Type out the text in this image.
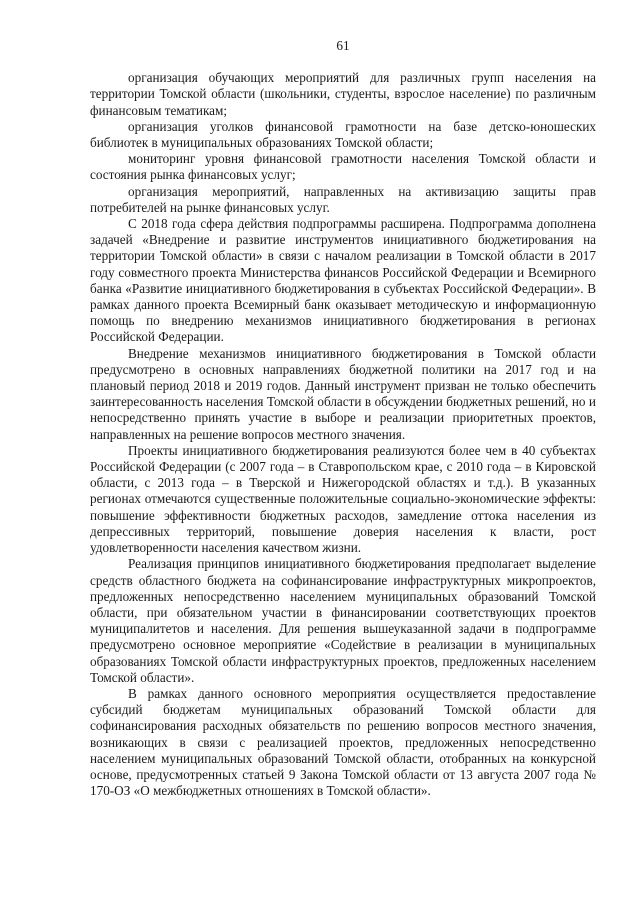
61

организация обучающих мероприятий для различных групп населения на территории Томской области (школьники, студенты, взрослое население) по различным финансовым тематикам;

организация уголков финансовой грамотности на базе детско-юношеских библиотек в муниципальных образованиях Томской области;

мониторинг уровня финансовой грамотности населения Томской области и состояния рынка финансовых услуг;

организация мероприятий, направленных на активизацию защиты прав потребителей на рынке финансовых услуг.

С 2018 года сфера действия подпрограммы расширена. Подпрограмма дополнена задачей «Внедрение и развитие инструментов инициативного бюджетирования на территории Томской области» в связи с началом реализации в Томской области в 2017 году совместного проекта Министерства финансов Российской Федерации и Всемирного банка «Развитие инициативного бюджетирования в субъектах Российской Федерации». В рамках данного проекта Всемирный банк оказывает методическую и информационную помощь по внедрению механизмов инициативного бюджетирования в регионах Российской Федерации.

Внедрение механизмов инициативного бюджетирования в Томской области предусмотрено в основных направлениях бюджетной политики на 2017 год и на плановый период 2018 и 2019 годов. Данный инструмент призван не только обеспечить заинтересованность населения Томской области в обсуждении бюджетных решений, но и непосредственно принять участие в выборе и реализации приоритетных проектов, направленных на решение вопросов местного значения.

Проекты инициативного бюджетирования реализуются более чем в 40 субъектах Российской Федерации (с 2007 года – в Ставропольском крае, с 2010 года – в Кировской области, с 2013 года – в Тверской и Нижегородской областях и т.д.). В указанных регионах отмечаются существенные положительные социально-экономические эффекты: повышение эффективности бюджетных расходов, замедление оттока населения из депрессивных территорий, повышение доверия населения к власти, рост удовлетворенности населения качеством жизни.

Реализация принципов инициативного бюджетирования предполагает выделение средств областного бюджета на софинансирование инфраструктурных микропроектов, предложенных непосредственно населением муниципальных образований Томской области, при обязательном участии в финансировании соответствующих проектов муниципалитетов и населения. Для решения вышеуказанной задачи в подпрограмме предусмотрено основное мероприятие «Содействие в реализации в муниципальных образованиях Томской области инфраструктурных проектов, предложенных населением Томской области».

В рамках данного основного мероприятия осуществляется предоставление субсидий бюджетам муниципальных образований Томской области для софинансирования расходных обязательств по решению вопросов местного значения, возникающих в связи с реализацией проектов, предложенных непосредственно населением муниципальных образований Томской области, отобранных на конкурсной основе, предусмотренных статьей 9 Закона Томской области от 13 августа 2007 года № 170-ОЗ «О межбюджетных отношениях в Томской области».
